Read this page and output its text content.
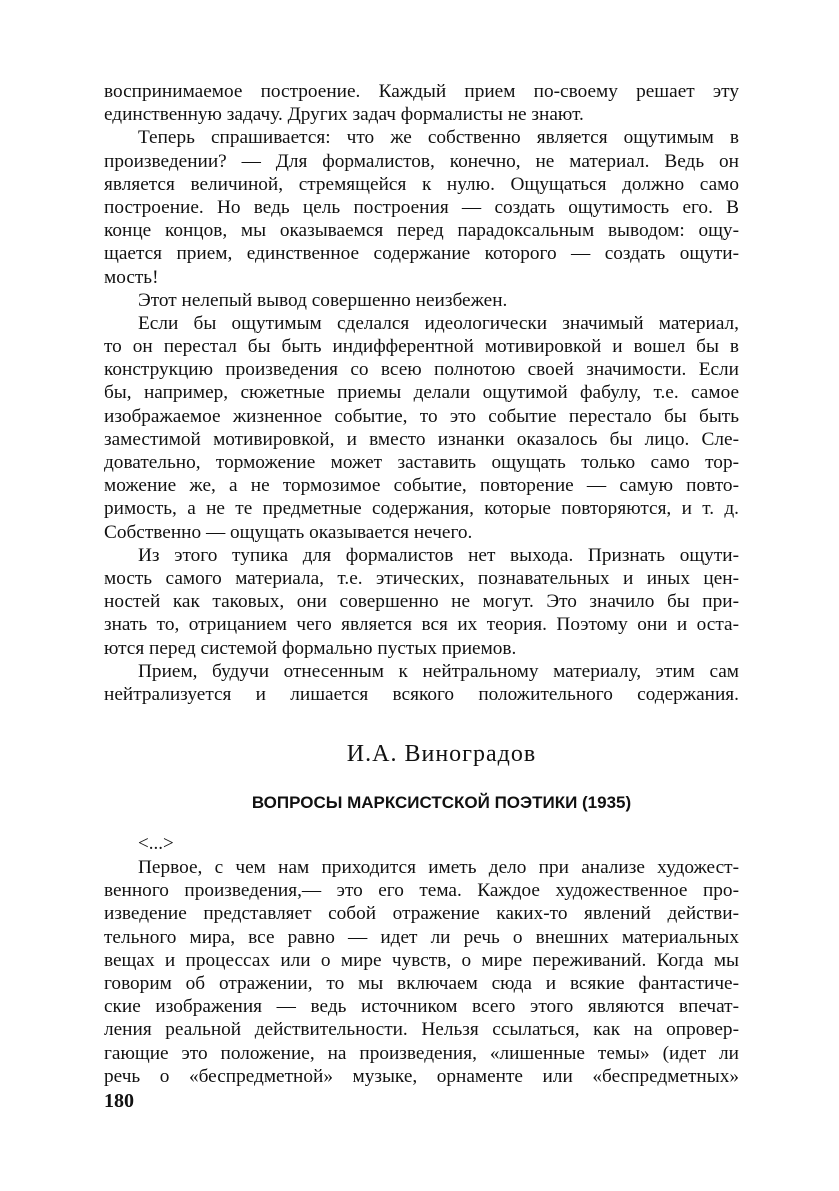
воспринимаемое построение. Каждый прием по-своему решает эту
единственную задачу. Других задач формалисты не знают.
Теперь спрашивается: что же собственно является ощутимым в
произведении? — Для формалистов, конечно, не материал. Ведь он
является величиной, стремящейся к нулю. Ощущаться должно само
построение. Но ведь цель построения — создать ощутимость его. В
конце концов, мы оказываемся перед парадоксальным выводом: ощу-
щается прием, единственное содержание которого — создать ощути-
мость!
Этот нелепый вывод совершенно неизбежен.
Если бы ощутимым сделался идеологически значимый материал,
то он перестал бы быть индифферентной мотивировкой и вошел бы в
конструкцию произведения со всею полнотою своей значимости. Если
бы, например, сюжетные приемы делали ощутимой фабулу, т.е. самое
изображаемое жизненное событие, то это событие перестало бы быть
заместимой мотивировкой, и вместо изнанки оказалось бы лицо. Сле-
довательно, торможение может заставить ощущать только само тор-
можение же, а не тормозимое событие, повторение — самую повто-
римость, а не те предметные содержания, которые повторяются, и т. д.
Собственно — ощущать оказывается нечего.
Из этого тупика для формалистов нет выхода. Признать ощути-
мость самого материала, т.е. этических, познавательных и иных цен-
ностей как таковых, они совершенно не могут. Это значило бы при-
знать то, отрицанием чего является вся их теория. Поэтому они и оста-
ются перед системой формально пустых приемов.
Прием, будучи отнесенным к нейтральному материалу, этим сам
нейтрализуется и лишается всякого положительного содержания.
И.А. Виноградов
ВОПРОСЫ МАРКСИСТСКОЙ ПОЭТИКИ (1935)
<...>
Первое, с чем нам приходится иметь дело при анализе художест-
венного произведения,— это его тема. Каждое художественное про-
изведение представляет собой отражение каких-то явлений действи-
тельного мира, все равно — идет ли речь о внешних материальных
вещах и процессах или о мире чувств, о мире переживаний. Когда мы
говорим об отражении, то мы включаем сюда и всякие фантастиче-
ские изображения — ведь источником всего этого являются впечат-
ления реальной действительности. Нельзя ссылаться, как на опровер-
гающие это положение, на произведения, «лишенные темы» (идет ли
речь о «беспредметной» музыке, орнаменте или «беспредметных»
180
